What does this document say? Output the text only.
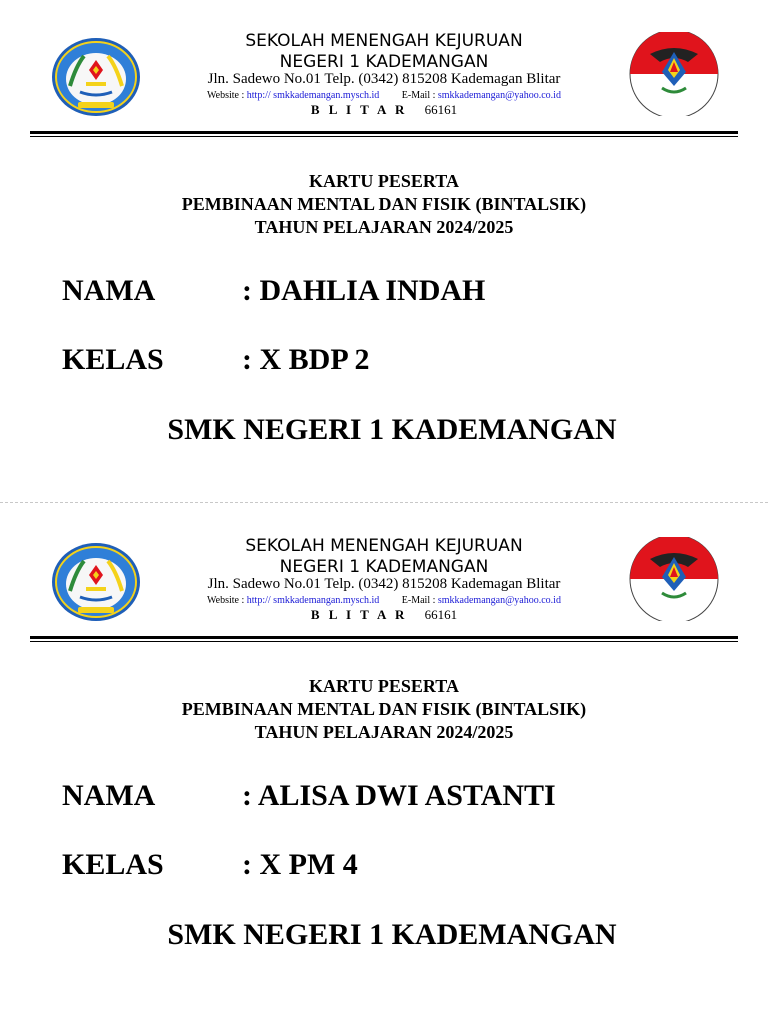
SEKOLAH MENENGAH KEJURUAN
NEGERI 1 KADEMANGAN
Jln. Sadewo No.01 Telp. (0342) 815208 Kademagan Blitar
Website : http:// smkkademangan.mysch.id E-Mail : smkkademangan@yahoo.co.id
B L I T A R 66161
KARTU PESERTA
PEMBINAAN MENTAL DAN FISIK (BINTALSIK)
TAHUN PELAJARAN 2024/2025
NAMA	: DAHLIA INDAH
KELAS	: X BDP 2
SMK NEGERI 1 KADEMANGAN
SEKOLAH MENENGAH KEJURUAN
NEGERI 1 KADEMANGAN
Jln. Sadewo No.01 Telp. (0342) 815208 Kademagan Blitar
Website : http:// smkkademangan.mysch.id E-Mail : smkkademangan@yahoo.co.id
B L I T A R 66161
KARTU PESERTA
PEMBINAAN MENTAL DAN FISIK (BINTALSIK)
TAHUN PELAJARAN 2024/2025
NAMA	: ALISA DWI ASTANTI
KELAS	: X PM 4
SMK NEGERI 1 KADEMANGAN
